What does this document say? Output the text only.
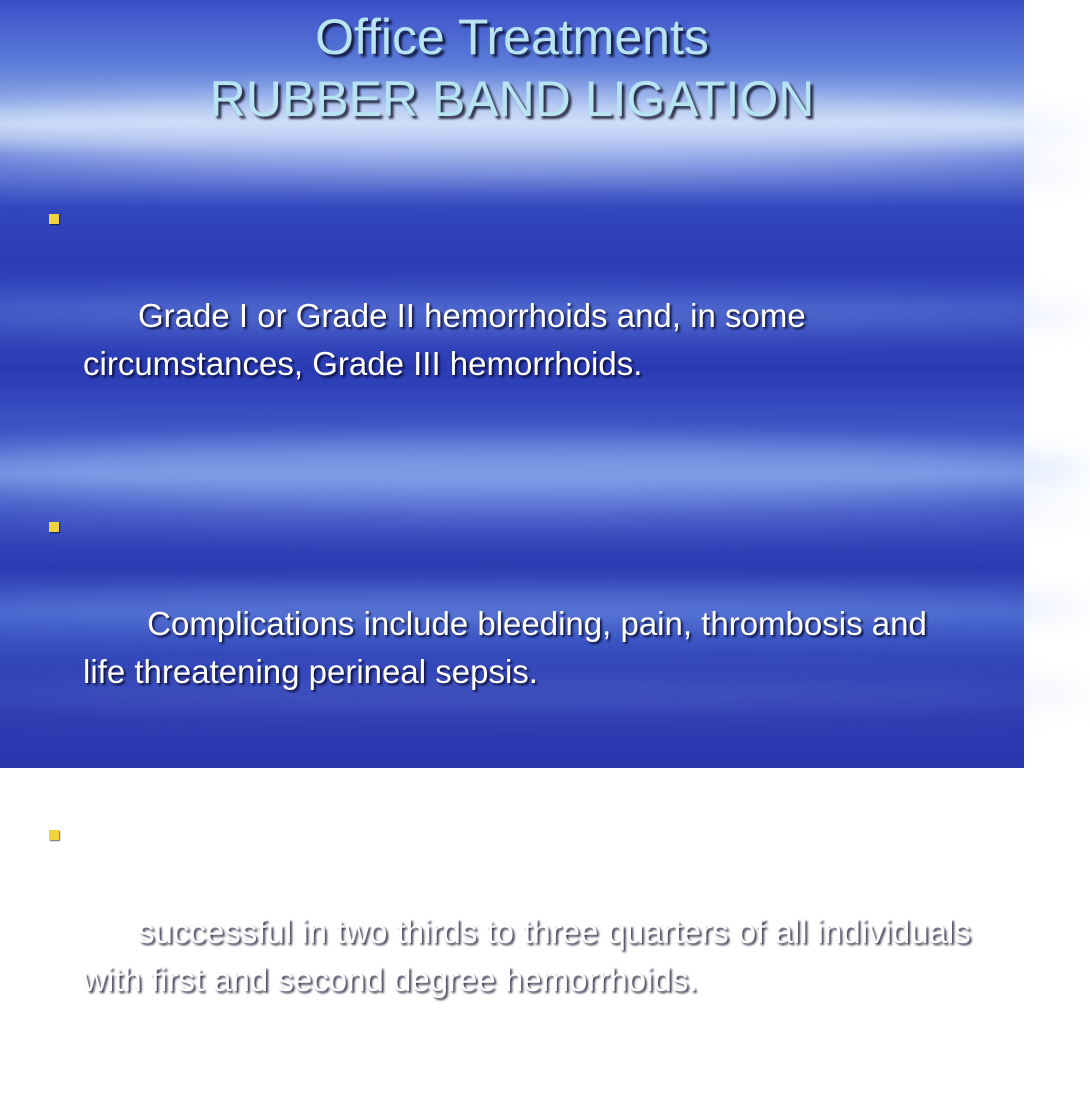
Office Treatments
RUBBER BAND LIGATION

Grade I or Grade II hemorrhoids and, in some circumstances, Grade III hemorrhoids.

Complications include bleeding, pain, thrombosis and life threatening perineal sepsis.

successful in two thirds to three quarters of all individuals with first and second degree hemorrhoids.
